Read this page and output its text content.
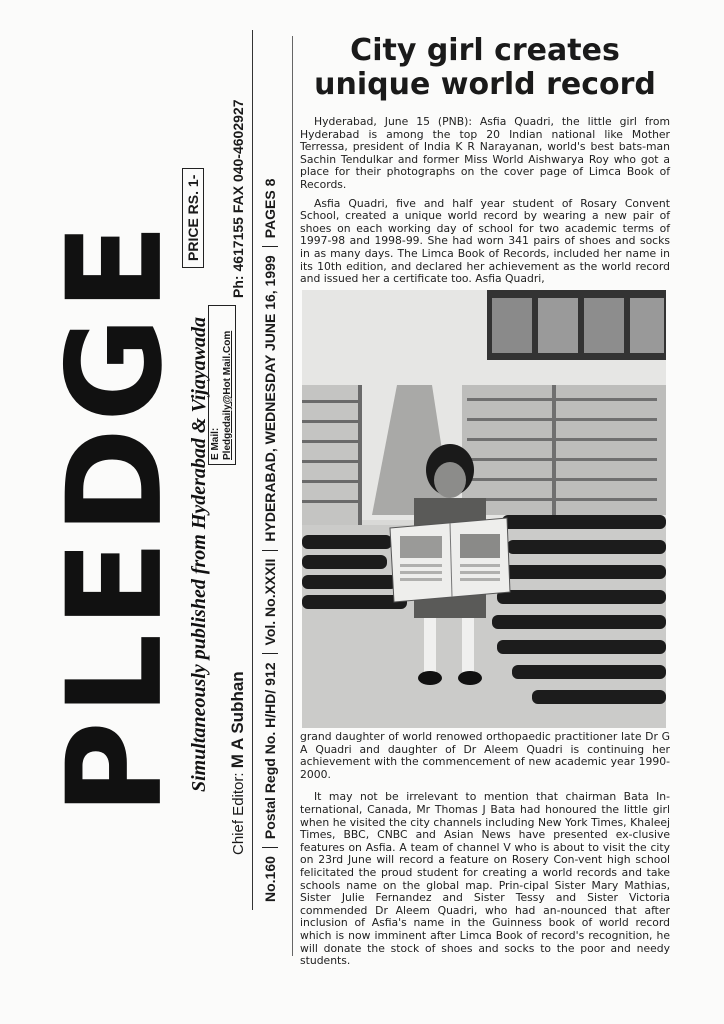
PLEDGE
Simultaneously published from Hyderabad & Vijayawada
PRICE RS. 1-
E Mail: Pledgedaily@Hot Mail.Com
Chief Editor: M A Subhan
Ph: 4617155 FAX 040-4602927
No.160
Postal Regd No. H/HD/ 912
Vol. No.XXXII
HYDERABAD, WEDNESDAY JUNE 16, 1999
PAGES 8
City girl creates
unique world record

Hyderabad, June 15 (PNB): Asfia Quadri, the little girl from Hyderabad is among the top 20 Indian national like Mother Terressa, president of India K R Narayanan, world's best bats-man Sachin Tendulkar and former Miss World Aishwarya Roy who got a place for their photographs on the cover page of Limca Book of Records.

Asfia Quadri, five and half year student of Rosary Convent School, created a unique world record by wearing a new pair of shoes on each working day of school for two academic terms of 1997-98 and 1998-99. She had worn 341 pairs of shoes and socks in as many days. The Limca Book of Records, included her name in its 10th edition, and declared her achievement as the world record and issued her a certificate too. Asfia Quadri,

grand daughter of world renowed orthopaedic practitioner late Dr G A Quadri and daughter of Dr Aleem Quadri is continuing her achievement with the commencement of new academic year 1990-2000.

It may not be irrelevant to mention that chairman Bata In-ternational, Canada, Mr Thomas J Bata had honoured the little girl when he visited the city channels including New York Times, Khaleej Times, BBC, CNBC and Asian News have presented ex-clusive features on Asfia. A team of channel V who is about to visit the city on 23rd June will record a feature on Rosery Con-vent high school felicitated the proud student for creating a world records and take schools name on the global map. Prin-cipal Sister Mary Mathias, Sister Julie Fernandez and Sister Tessy and Sister Victoria commended Dr Aleem Quadri, who had an-nounced that after inclusion of Asfia's name in the Guinness book of world record which is now imminent after Limca Book of record's recognition, he will donate the stock of shoes and socks to the poor and needy students.
